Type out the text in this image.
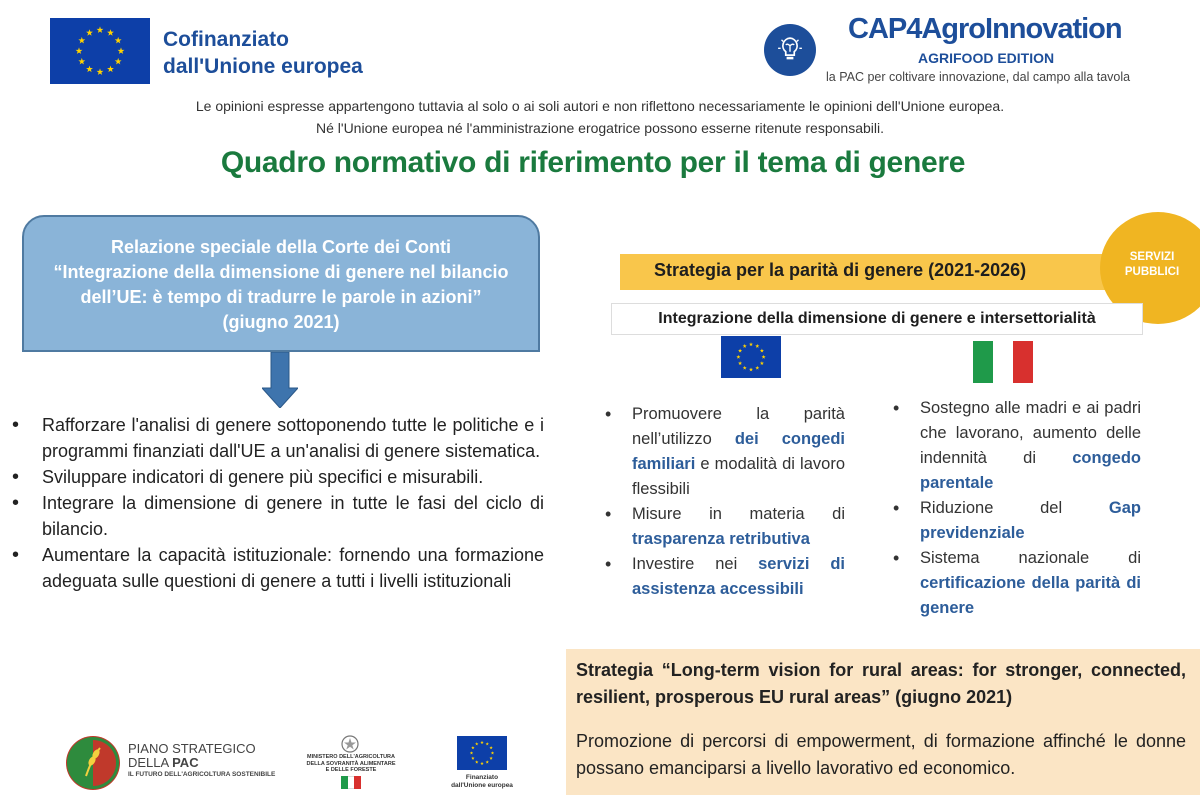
Cofinanziato
dall'Unione europea
CAP4AgroInnovation
AGRIFOOD EDITION
la PAC per coltivare innovazione, dal campo alla tavola
Le opinioni espresse appartengono tuttavia al solo o ai soli autori e non riflettono necessariamente le opinioni dell'Unione europea.
Né l'Unione europea né l'amministrazione erogatrice possono esserne ritenute responsabili.
Quadro normativo di riferimento per il tema di genere
Relazione speciale della Corte dei Conti
“Integrazione della dimensione di genere nel bilancio dell’UE: è tempo di tradurre le parole in azioni” (giugno 2021)
• Rafforzare l'analisi di genere sottoponendo tutte le politiche e i programmi finanziati dall'UE a un'analisi di genere sistematica.
• Sviluppare indicatori di genere più specifici e misurabili.
• Integrare la dimensione di genere in tutte le fasi del ciclo di bilancio.
• Aumentare la capacità istituzionale: fornendo una formazione adeguata sulle questioni di genere a tutti i livelli istituzionali
Strategia per la parità di genere (2021-2026)
SERVIZI
PUBBLICI
Integrazione della dimensione di genere e intersettorialità
• Promuovere la parità nell’utilizzo dei congedi familiari e modalità di lavoro flessibili
• Misure in materia di trasparenza retributiva
• Investire nei servizi di assistenza accessibili
• Sostegno alle madri e ai padri che lavorano, aumento delle indennità di congedo parentale
• Riduzione del Gap previdenziale
• Sistema nazionale di certificazione della parità di genere
Strategia “Long-term vision for rural areas: for stronger, connected, resilient, prosperous EU rural areas” (giugno 2021)
Promozione di percorsi di empowerment, di formazione affinché le donne possano emanciparsi a livello lavorativo ed economico.
PIANO STRATEGICO
DELLA PAC
IL FUTURO DELL'AGRICOLTURA SOSTENIBILE
MINISTERO DELL'AGRICOLTURA DELLA SOVRANITÀ ALIMENTARE E DELLE FORESTE
Finanziato
dall'Unione europea
